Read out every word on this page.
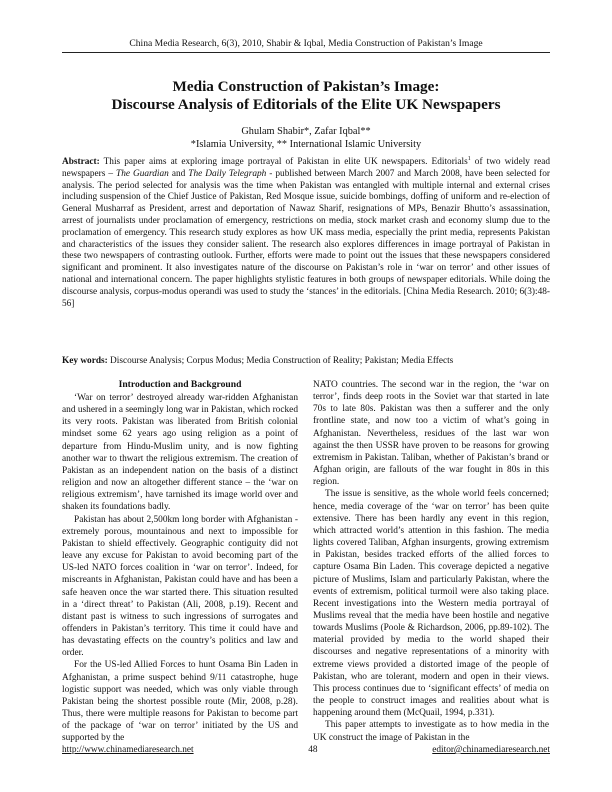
China Media Research, 6(3), 2010, Shabir & Iqbal, Media Construction of Pakistan’s Image
Media Construction of Pakistan’s Image:
Discourse Analysis of Editorials of the Elite UK Newspapers
Ghulam Shabir*, Zafar Iqbal**
*Islamia University, ** International Islamic University
Abstract: This paper aims at exploring image portrayal of Pakistan in elite UK newspapers. Editorials$^1$ of two widely read newspapers – The Guardian and The Daily Telegraph - published between March 2007 and March 2008, have been selected for analysis. The period selected for analysis was the time when Pakistan was entangled with multiple internal and external crises including suspension of the Chief Justice of Pakistan, Red Mosque issue, suicide bombings, doffing of uniform and re-election of General Musharraf as President, arrest and deportation of Nawaz Sharif, resignations of MPs, Benazir Bhutto’s assassination, arrest of journalists under proclamation of emergency, restrictions on media, stock market crash and economy slump due to the proclamation of emergency. This research study explores as how UK mass media, especially the print media, represents Pakistan and characteristics of the issues they consider salient. The research also explores differences in image portrayal of Pakistan in these two newspapers of contrasting outlook. Further, efforts were made to point out the issues that these newspapers considered significant and prominent. It also investigates nature of the discourse on Pakistan’s role in ‘war on terror’ and other issues of national and international concern. The paper highlights stylistic features in both groups of newspaper editorials. While doing the discourse analysis, corpus-modus operandi was used to study the ‘stances’ in the editorials. [China Media Research. 2010; 6(3):48-56]
Key words: Discourse Analysis; Corpus Modus; Media Construction of Reality; Pakistan; Media Effects

Introduction and Background

‘War on terror’ destroyed already war-ridden Afghanistan and ushered in a seemingly long war in Pakistan, which rocked its very roots. Pakistan was liberated from British colonial mindset some 62 years ago using religion as a point of departure from Hindu-Muslim unity, and is now fighting another war to thwart the religious extremism. The creation of Pakistan as an independent nation on the basis of a distinct religion and now an altogether different stance – the ‘war on religious extremism’, have tarnished its image world over and shaken its foundations badly.

Pakistan has about 2,500km long border with Afghanistan - extremely porous, mountainous and next to impossible for Pakistan to shield effectively. Geographic contiguity did not leave any excuse for Pakistan to avoid becoming part of the US-led NATO forces coalition in ‘war on terror’. Indeed, for miscreants in Afghanistan, Pakistan could have and has been a safe heaven once the war started there. This situation resulted in a ‘direct threat’ to Pakistan (Ali, 2008, p.19). Recent and distant past is witness to such ingressions of surrogates and offenders in Pakistan’s territory. This time it could have and has devastating effects on the country’s politics and law and order.

For the US-led Allied Forces to hunt Osama Bin Laden in Afghanistan, a prime suspect behind 9/11 catastrophe, huge logistic support was needed, which was only viable through Pakistan being the shortest possible route (Mir, 2008, p.28). Thus, there were multiple reasons for Pakistan to become part of the package of ‘war on terror’ initiated by the US and supported by the

NATO countries. The second war in the region, the ‘war on terror’, finds deep roots in the Soviet war that started in late 70s to late 80s. Pakistan was then a sufferer and the only frontline state, and now too a victim of what’s going in Afghanistan. Nevertheless, residues of the last war won against the then USSR have proven to be reasons for growing extremism in Pakistan. Taliban, whether of Pakistan’s brand or Afghan origin, are fallouts of the war fought in 80s in this region.

The issue is sensitive, as the whole world feels concerned; hence, media coverage of the ‘war on terror’ has been quite extensive. There has been hardly any event in this region, which attracted world’s attention in this fashion. The media lights covered Taliban, Afghan insurgents, growing extremism in Pakistan, besides tracked efforts of the allied forces to capture Osama Bin Laden. This coverage depicted a negative picture of Muslims, Islam and particularly Pakistan, where the events of extremism, political turmoil were also taking place. Recent investigations into the Western media portrayal of Muslims reveal that the media have been hostile and negative towards Muslims (Poole & Richardson, 2006, pp.89-102). The material provided by media to the world shaped their discourses and negative representations of a minority with extreme views provided a distorted image of the people of Pakistan, who are tolerant, modern and open in their views. This process continues due to ‘significant effects’ of media on the people to construct images and realities about what is happening around them (McQuail, 1994, p.331).

This paper attempts to investigate as to how media in the UK construct the image of Pakistan in the

http://www.chinamediaresearch.net	48	editor@chinamediaresearch.net
